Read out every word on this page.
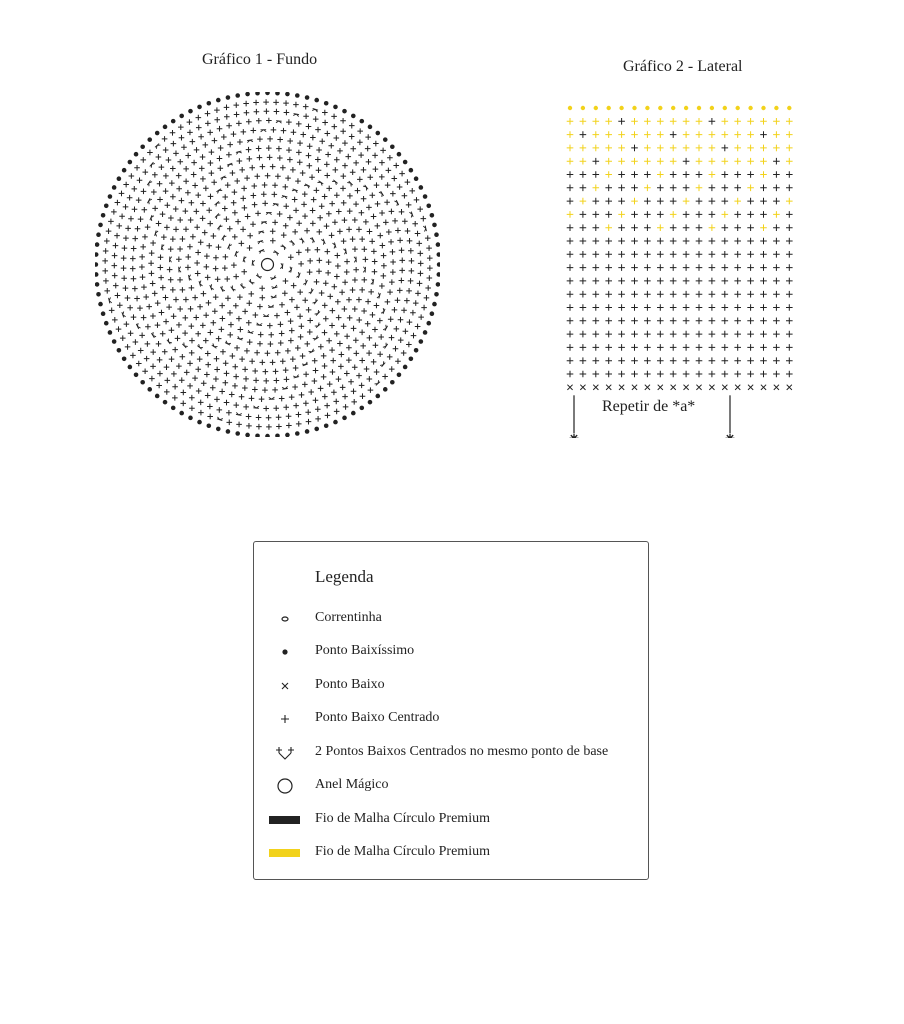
Gráfico 1 - Fundo	Gráfico 2 - Lateral
Repetir de *a*
Legenda
Correntinha
Ponto Baixíssimo
Ponto Baixo
Ponto Baixo Centrado
2 Pontos Baixos Centrados no mesmo ponto de base
Anel Mágico
Fio de Malha Círculo Premium
Fio de Malha Círculo Premium
